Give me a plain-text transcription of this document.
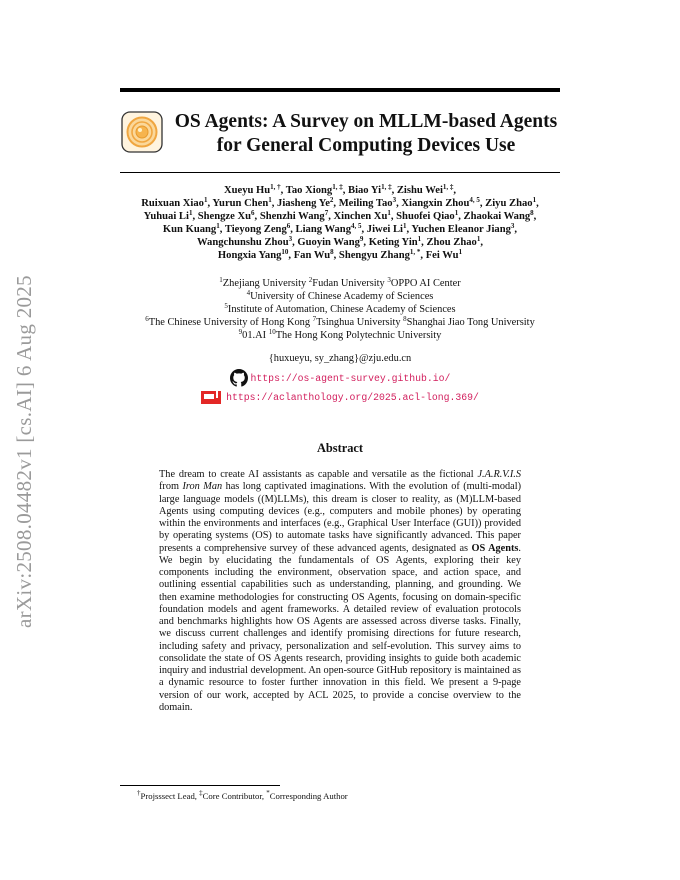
arXiv:2508.04482v1 [cs.AI] 6 Aug 2025
OS Agents: A Survey on MLLM-based Agents
for General Computing Devices Use
Xueyu $Hu^{1, \dagger}$, Tao Xiong$^{1, \ddagger}$, Biao $Yi^{1, \ddagger}$, Zishu Wei$^{1, \ddagger}$,
Ruixuan Xiao$^1$, Yurun Chen$^1$, Jiasheng Ye$^2$, Meiling Tao$^3$, Xiangxin Zhou$^{4, 5}$, Ziyu Zhao$^1$,
Yuhuai Li$^1$, Shengze Xu$^6$, Shenzhi Wang$^7$, Xinchen Xu$^1$, Shuofei Qiao$^1$, Zhaokai Wang$^8$,
Kun Kuang$^1$, Tieyong Zeng$^6$, Liang Wang$^{4, 5}$, Jiwei Li$^1$, Yuchen Eleanor Jiang$^3$,
Wangchunshu Zhou$^3$, Guoyin Wang$^9$, Keting Yin$^1$, Zhou Zhao$^1$,
Hongxia Yang$^{10}$, Fan Wu$^8$, Shengyu Zhang$^{1, *}$, Fei Wu$^1$
$^1$Zhejiang University $^2$Fudan University $^3$OPPO AI Center
$^4$University of Chinese Academy of Sciences
$^5$Institute of Automation, Chinese Academy of Sciences
$^6$The Chinese University of Hong Kong $^7$Tsinghua University $^8$Shanghai Jiao Tong University
$^9$01.AI $^{10}$The Hong Kong Polytechnic University
{huxueyu, sy_zhang}@zju.edu.cn
https://os-agent-survey.github.io/
https://aclanthology.org/2025.acl-long.369/
Abstract
The dream to create AI assistants as capable and versatile as the fictional J.A.R.V.I.S from Iron Man has long captivated imaginations. With the evolution of (multi-modal) large language models ((M)LLMs), this dream is closer to reality, as (M)LLM-based Agents using computing devices (e.g., computers and mobile phones) by operating within the environments and interfaces (e.g., Graphical User Interface (GUI)) provided by operating systems (OS) to automate tasks have significantly advanced. This paper presents a comprehensive survey of these advanced agents, designated as OS Agents. We begin by elucidating the fundamentals of OS Agents, exploring their key components including the environment, observation space, and action space, and outlining essential capabilities such as understanding, planning, and grounding. We then examine methodologies for constructing OS Agents, focusing on domain-specific foundation models and agent frameworks. A detailed review of evaluation protocols and benchmarks highlights how OS Agents are assessed across diverse tasks. Finally, we discuss current challenges and identify promising directions for future research, including safety and privacy, personalization and self-evolution. This survey aims to consolidate the state of OS Agents research, providing insights to guide both academic inquiry and industrial development. An open-source GitHub repository is maintained as a dynamic resource to foster further innovation in this field. We present a 9-page version of our work, accepted by ACL 2025, to provide a concise overview to the domain.
†Projsssect Lead, ‡Core Contributor, *Corresponding Author
